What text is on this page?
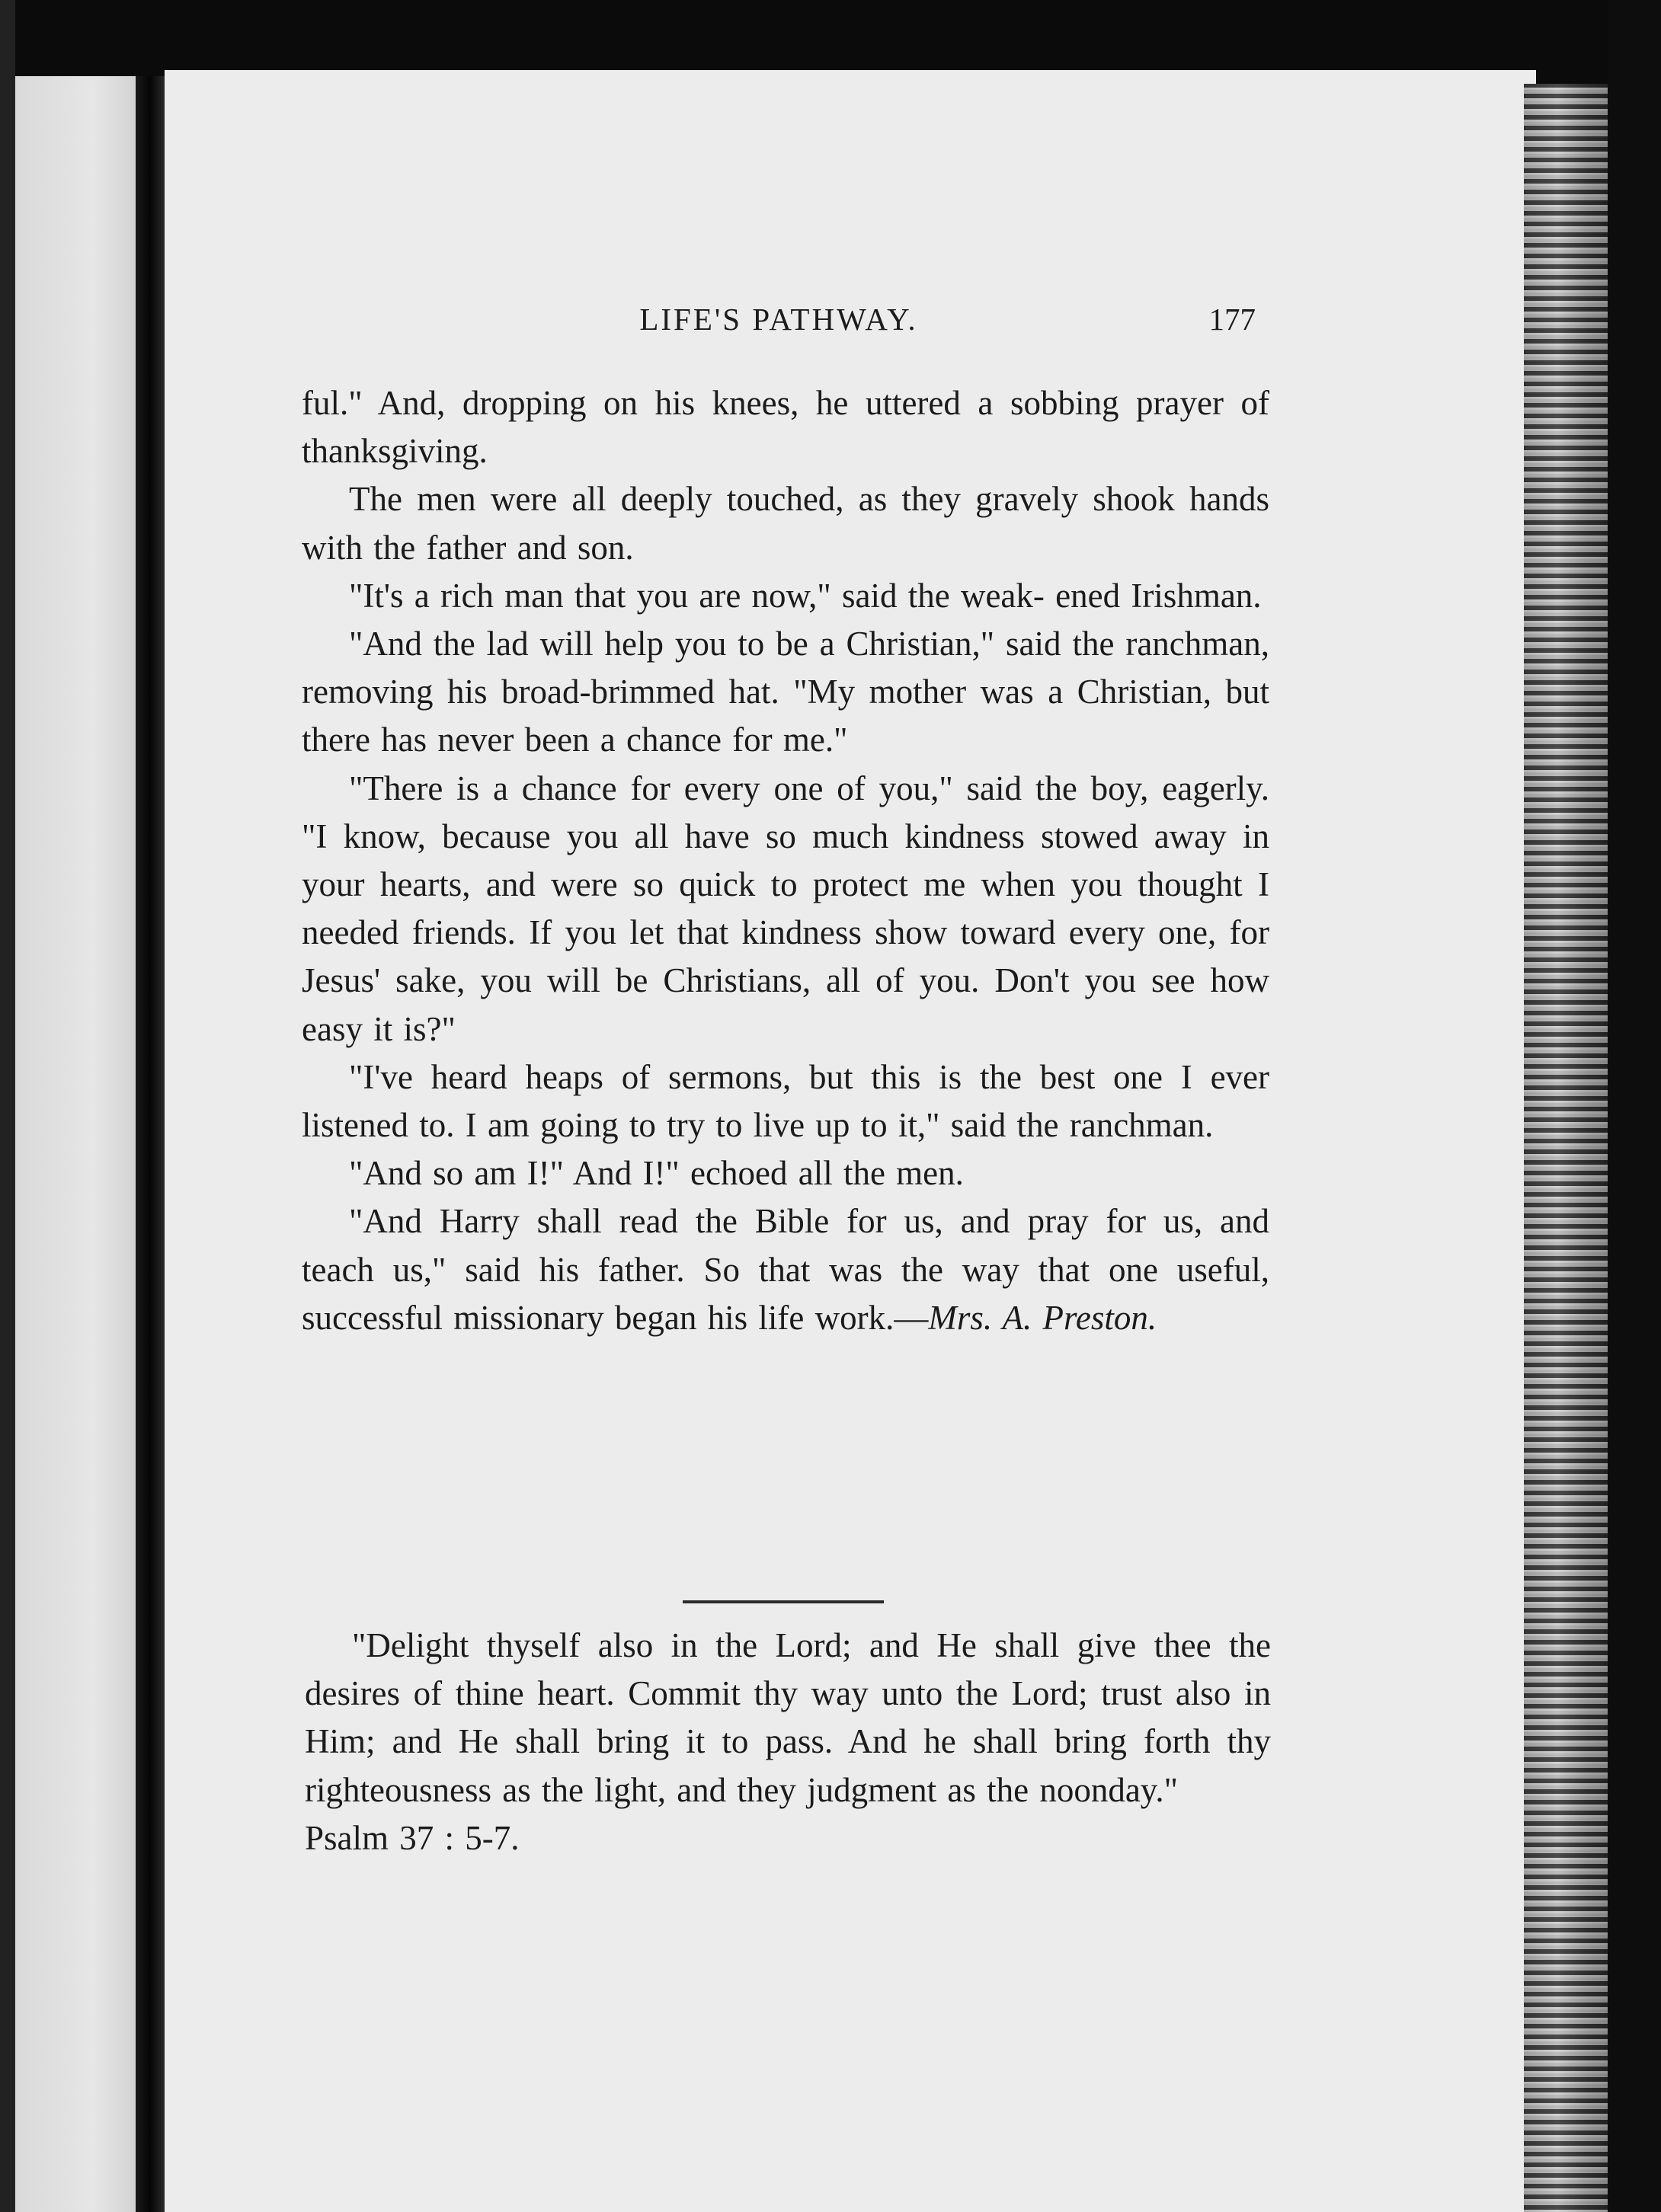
LIFE'S PATHWAY.	177

ful." And, dropping on his knees, he uttered a sobbing prayer of thanksgiving.

The men were all deeply touched, as they gravely shook hands with the father and son.

"It's a rich man that you are now," said the weak- ened Irishman.

"And the lad will help you to be a Christian," said the ranchman, removing his broad-brimmed hat. "My mother was a Christian, but there has never been a chance for me."

"There is a chance for every one of you," said the boy, eagerly. "I know, because you all have so much kindness stowed away in your hearts, and were so quick to protect me when you thought I needed friends. If you let that kindness show toward every one, for Jesus' sake, you will be Christians, all of you. Don't you see how easy it is?"

"I've heard heaps of sermons, but this is the best one I ever listened to. I am going to try to live up to it," said the ranchman.

"And so am I!" And I!" echoed all the men.

"And Harry shall read the Bible for us, and pray for us, and teach us," said his father. So that was the way that one useful, successful missionary began his life work.—Mrs. A. Preston.

"Delight thyself also in the Lord; and He shall give thee the desires of thine heart. Commit thy way unto the Lord; trust also in Him; and He shall bring it to pass. And he shall bring forth thy righteousness as the light, and they judgment as the noonday."

Psalm 37 : 5-7.
